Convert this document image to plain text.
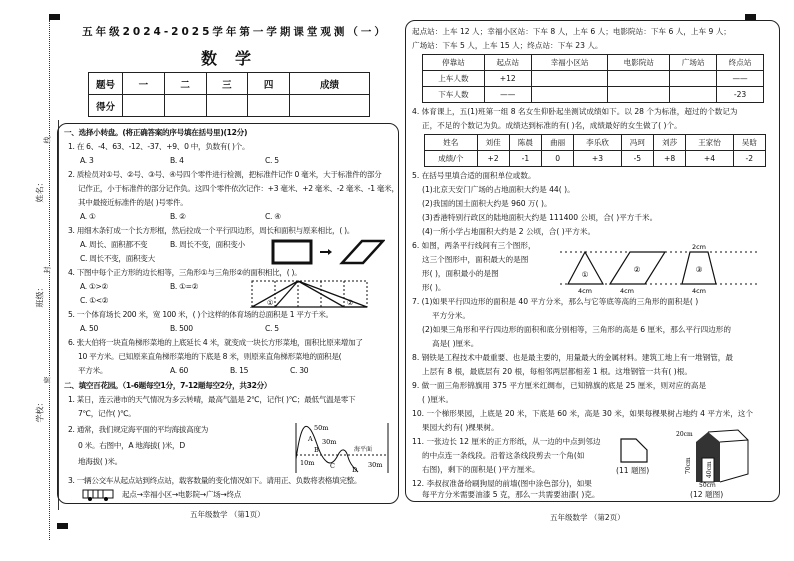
姓名：
班级：
学校：
线
封
密
五年级2024-2025学年第一学期课堂观测（一）
数学
题号	一	二	三	四	成绩
得分					
一、选择小转盘。(将正确答案的序号填在括号里)(12分)
1. 在 6、-4、63、-12、-37、+9、0 中，负数有( )个。
A. 3	B. 4	C. 5
2. 质检员对①号、②号、③号、④号四个零件进行检测，把标准件记作 0 毫米，大于标准件的部分
记作正，小于标准件的部分记作负。这四个零件依次记作：+3 毫米、+2 毫米、-2 毫米、-1 毫米，
其中最接近标准件的是( )号零件。
A. ①	B. ②	C. ④
3. 用细木条钉成一个长方形框，然后拉成一个平行四边形，周长和面积与原来相比，( )。
A. 周长、面积都不变	B. 周长不变，面积变小
C. 周长不变，面积变大
4. 下图中每个正方形的边长相等，三角形①与三角形②的面积相比，( )。
A. ①>②	B. ①=②
C. ①<②	①	②
5. 一个体育场长 200 米，宽 100 米，( )个这样的体育场的总面积是 1 平方千米。
A. 50	B. 500	C. 5
6. 张大伯将一块直角梯形菜地的上底延长 4 米，就变成一块长方形菜地，面积比原来增加了
10 平方米。已知原来直角梯形菜地的下底是 8 米，则原来直角梯形菜地的面积是(
平方米。	A. 60	B. 15	C. 30
二、填空百花园。（1-6题每空1分，7-12题每空2分，共32分）
1. 某日，连云港市的天气情况为多云转晴，最高气温是 2℃，记作( )℃；最低气温是零下
7℃，记作( )℃。
2. 通常，我们规定海平面的平均海拔高度为
0 米。右图中，A 地海拔( )米，D
地海拔( )米。
A
B
C	D
50m
30m
10m	30m
海平面
3. 一辆公交车从起点站到终点站，载客数量的变化情况如下。请用正、负数将表格填完整。
起点→幸福小区→电影院→广场→终点
五年级数学 （第1页）
起点站：上车 12 人；幸福小区站：下车 8 人，上车 6 人；电影院站：下车 6 人，上车 9 人；
广场站：下车 5 人，上车 15 人；终点站：下车 23 人。
停靠站	起点站	幸福小区站	电影院站	广场站	终点站
上车人数	+12				——
下车人数	——				-23
4. 体育课上，五(1)班第一组 8 名女生仰卧起坐测试成绩如下。以 28 个为标准，超过的个数记为
正，不足的个数记为负。成绩达到标准的有( )名，成绩最好的女生做了( )个。
姓名	刘佳	陈晨	曲丽	李乐欣	冯珂	刘莎	王家怡	吴晗
成绩/个	+2	-1	0	+3	-5	+8	+4	-2
5. 在括号里填合适的面积单位或数。
(1)北京天安门广场的占地面积大约是 44( )。
(2)我国的国土面积大约是 960 万( )。
(3)香港特别行政区的陆地面积大约是 111400 公顷，合( )平方千米。
(4)一所小学占地面积大约是 2 公顷，合( )平方米。
6. 如图，两条平行线间有三个图形，
这三个图形中，面积最大的是图
形( )，面积最小的是图
形( )。
①
②	③
4cm	4cm	4cm
2cm
7. (1)如果平行四边形的面积是 40 平方分米，那么与它等底等高的三角形的面积是( )
平方分米。
(2)如果三角形和平行四边形的面积和底分别相等，三角形的高是 6 厘米，那么平行四边形的
高是( )厘米。
8. 钢铁是工程技术中最重要、也是最主要的，用量最大的金属材料。建筑工地上有一堆钢管，最
上层有 8 根，最底层有 20 根，每相邻两层都相差 1 根。这堆钢管一共有( )根。
9. 做一面三角形锦旗用 375 平方厘米红绸布，已知锦旗的底是 25 厘米，则对应的高是
( )厘米。
10. 一个梯形果园，上底是 20 米，下底是 60 米，高是 30 米，如果每棵果树占地约 4 平方米，这个
果园大约有( )棵果树。
11. 一张边长 12 厘米的正方形纸，从一边的中点到邻边
的中点连一条线段。沿着这条线段剪去一个角(如
右图)，剩下的面积是( )平方厘米。
12. 李叔叔准备给刷狗屋的前墙(图中涂色部分)，如果
每平方分米需要油漆 5 克，那么一共需要油漆( )克。
(11 题图)
20cm
70cm 40cm
50cm
(12 题图)
五年级数学 （第2页）
